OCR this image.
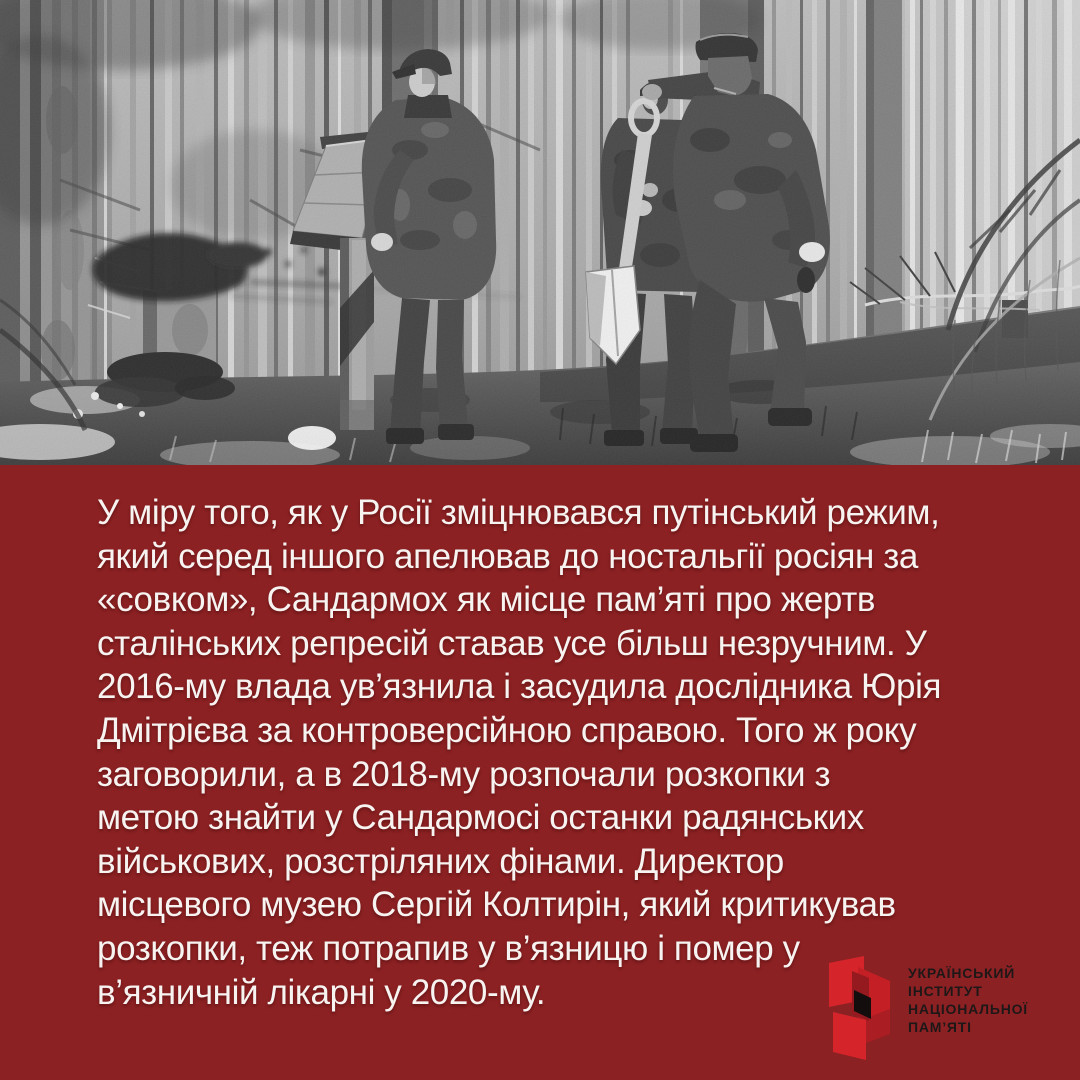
У міру того, як у Росії зміцнювався путінський режим,
який серед іншого апелював до ностальгії росіян за
«совком», Сандармох як місце пам’яті про жертв
сталінських репресій ставав усе більш незручним. У
2016-му влада ув’язнила і засудила дослідника Юрія
Дмітрієва за контроверсійною справою. Того ж року
заговорили, а в 2018-му розпочали розкопки з
метою знайти у Сандармосі останки радянських
військових, розстріляних фінами. Директор
місцевого музею Сергій Колтирін, який критикував
розкопки, теж потрапив у в’язницю і помер у
в’язничній лікарні у 2020-му.	УКРАЇНСЬКИЙ
ІНСТИТУТ
НАЦІОНАЛЬНОЇ
ПАМ’ЯТІ
